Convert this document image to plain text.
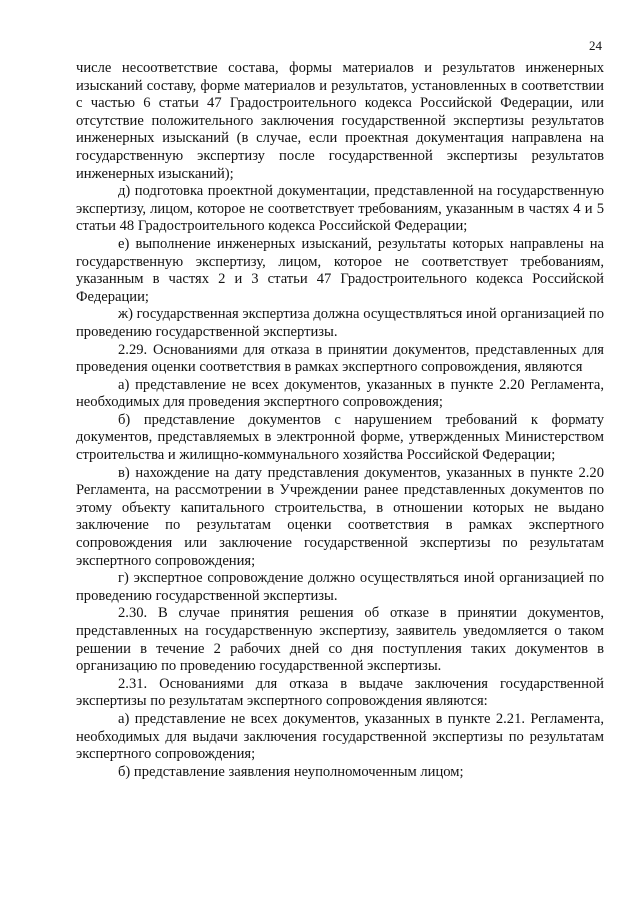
24

числе несоответствие состава, формы материалов и результатов инженерных изысканий составу, форме материалов и результатов, установленных в соответствии с частью 6 статьи 47 Градостроительного кодекса Российской Федерации, или отсутствие положительного заключения государственной экспертизы результатов инженерных изысканий (в случае, если проектная документация направлена на государственную экспертизу после государственной экспертизы результатов инженерных изысканий);

д) подготовка проектной документации, представленной на государственную экспертизу, лицом, которое не соответствует требованиям, указанным в частях 4 и 5 статьи 48 Градостроительного кодекса Российской Федерации;

е) выполнение инженерных изысканий, результаты которых направлены на государственную экспертизу, лицом, которое не соответствует требованиям, указанным в частях 2 и 3 статьи 47 Градостроительного кодекса Российской Федерации;

ж) государственная экспертиза должна осуществляться иной организацией по проведению государственной экспертизы.

2.29. Основаниями для отказа в принятии документов, представленных для проведения оценки соответствия в рамках экспертного сопровождения, являются

а) представление не всех документов, указанных в пункте 2.20 Регламента, необходимых для проведения экспертного сопровождения;

б) представление документов с нарушением требований к формату документов, представляемых в электронной форме, утвержденных Министерством строительства и жилищно-коммунального хозяйства Российской Федерации;

в) нахождение на дату представления документов, указанных в пункте 2.20 Регламента, на рассмотрении в Учреждении ранее представленных документов по этому объекту капитального строительства, в отношении которых не выдано заключение по результатам оценки соответствия в рамках экспертного сопровождения или заключение государственной экспертизы по результатам экспертного сопровождения;

г) экспертное сопровождение должно осуществляться иной организацией по проведению государственной экспертизы.

2.30. В случае принятия решения об отказе в принятии документов, представленных на государственную экспертизу, заявитель уведомляется о таком решении в течение 2 рабочих дней со дня поступления таких документов в организацию по проведению государственной экспертизы.

2.31. Основаниями для отказа в выдаче заключения государственной экспертизы по результатам экспертного сопровождения являются:

а) представление не всех документов, указанных в пункте 2.21. Регламента, необходимых для выдачи заключения государственной экспертизы по результатам экспертного сопровождения;

б) представление заявления неуполномоченным лицом;
